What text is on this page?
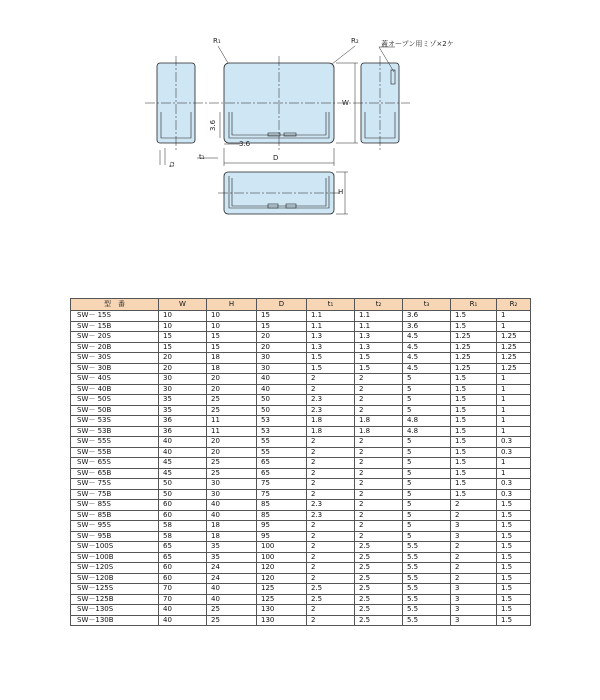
R₁	R₂	蓋オープン用ミゾ×2ケ
W
D
H
t₁
t₂
3.6
3.6
型　番	W	H	D	t₁	t₂	t₃	R₁	R₂
SW－ 15S	10	10	15	1.1	1.1	3.6	1.5	1
SW－ 15B	10	10	15	1.1	1.1	3.6	1.5	1
SW－ 20S	15	15	20	1.3	1.3	4.5	1.25	1.25
SW－ 20B	15	15	20	1.3	1.3	4.5	1.25	1.25
SW－ 30S	20	18	30	1.5	1.5	4.5	1.25	1.25
SW－ 30B	20	18	30	1.5	1.5	4.5	1.25	1.25
SW－ 40S	30	20	40	2	2	5	1.5	1
SW－ 40B	30	20	40	2	2	5	1.5	1
SW－ 50S	35	25	50	2.3	2	5	1.5	1
SW－ 50B	35	25	50	2.3	2	5	1.5	1
SW－ 53S	36	11	53	1.8	1.8	4.8	1.5	1
SW－ 53B	36	11	53	1.8	1.8	4.8	1.5	1
SW－ 55S	40	20	55	2	2	5	1.5	0.3
SW－ 55B	40	20	55	2	2	5	1.5	0.3
SW－ 65S	45	25	65	2	2	5	1.5	1
SW－ 65B	45	25	65	2	2	5	1.5	1
SW－ 75S	50	30	75	2	2	5	1.5	0.3
SW－ 75B	50	30	75	2	2	5	1.5	0.3
SW－ 85S	60	40	85	2.3	2	5	2	1.5
SW－ 85B	60	40	85	2.3	2	5	2	1.5
SW－ 95S	58	18	95	2	2	5	3	1.5
SW－ 95B	58	18	95	2	2	5	3	1.5
SW－100S	65	35	100	2	2.5	5.5	2	1.5
SW－100B	65	35	100	2	2.5	5.5	2	1.5
SW－120S	60	24	120	2	2.5	5.5	2	1.5
SW－120B	60	24	120	2	2.5	5.5	2	1.5
SW－125S	70	40	125	2.5	2.5	5.5	3	1.5
SW－125B	70	40	125	2.5	2.5	5.5	3	1.5
SW－130S	40	25	130	2	2.5	5.5	3	1.5
SW－130B	40	25	130	2	2.5	5.5	3	1.5
